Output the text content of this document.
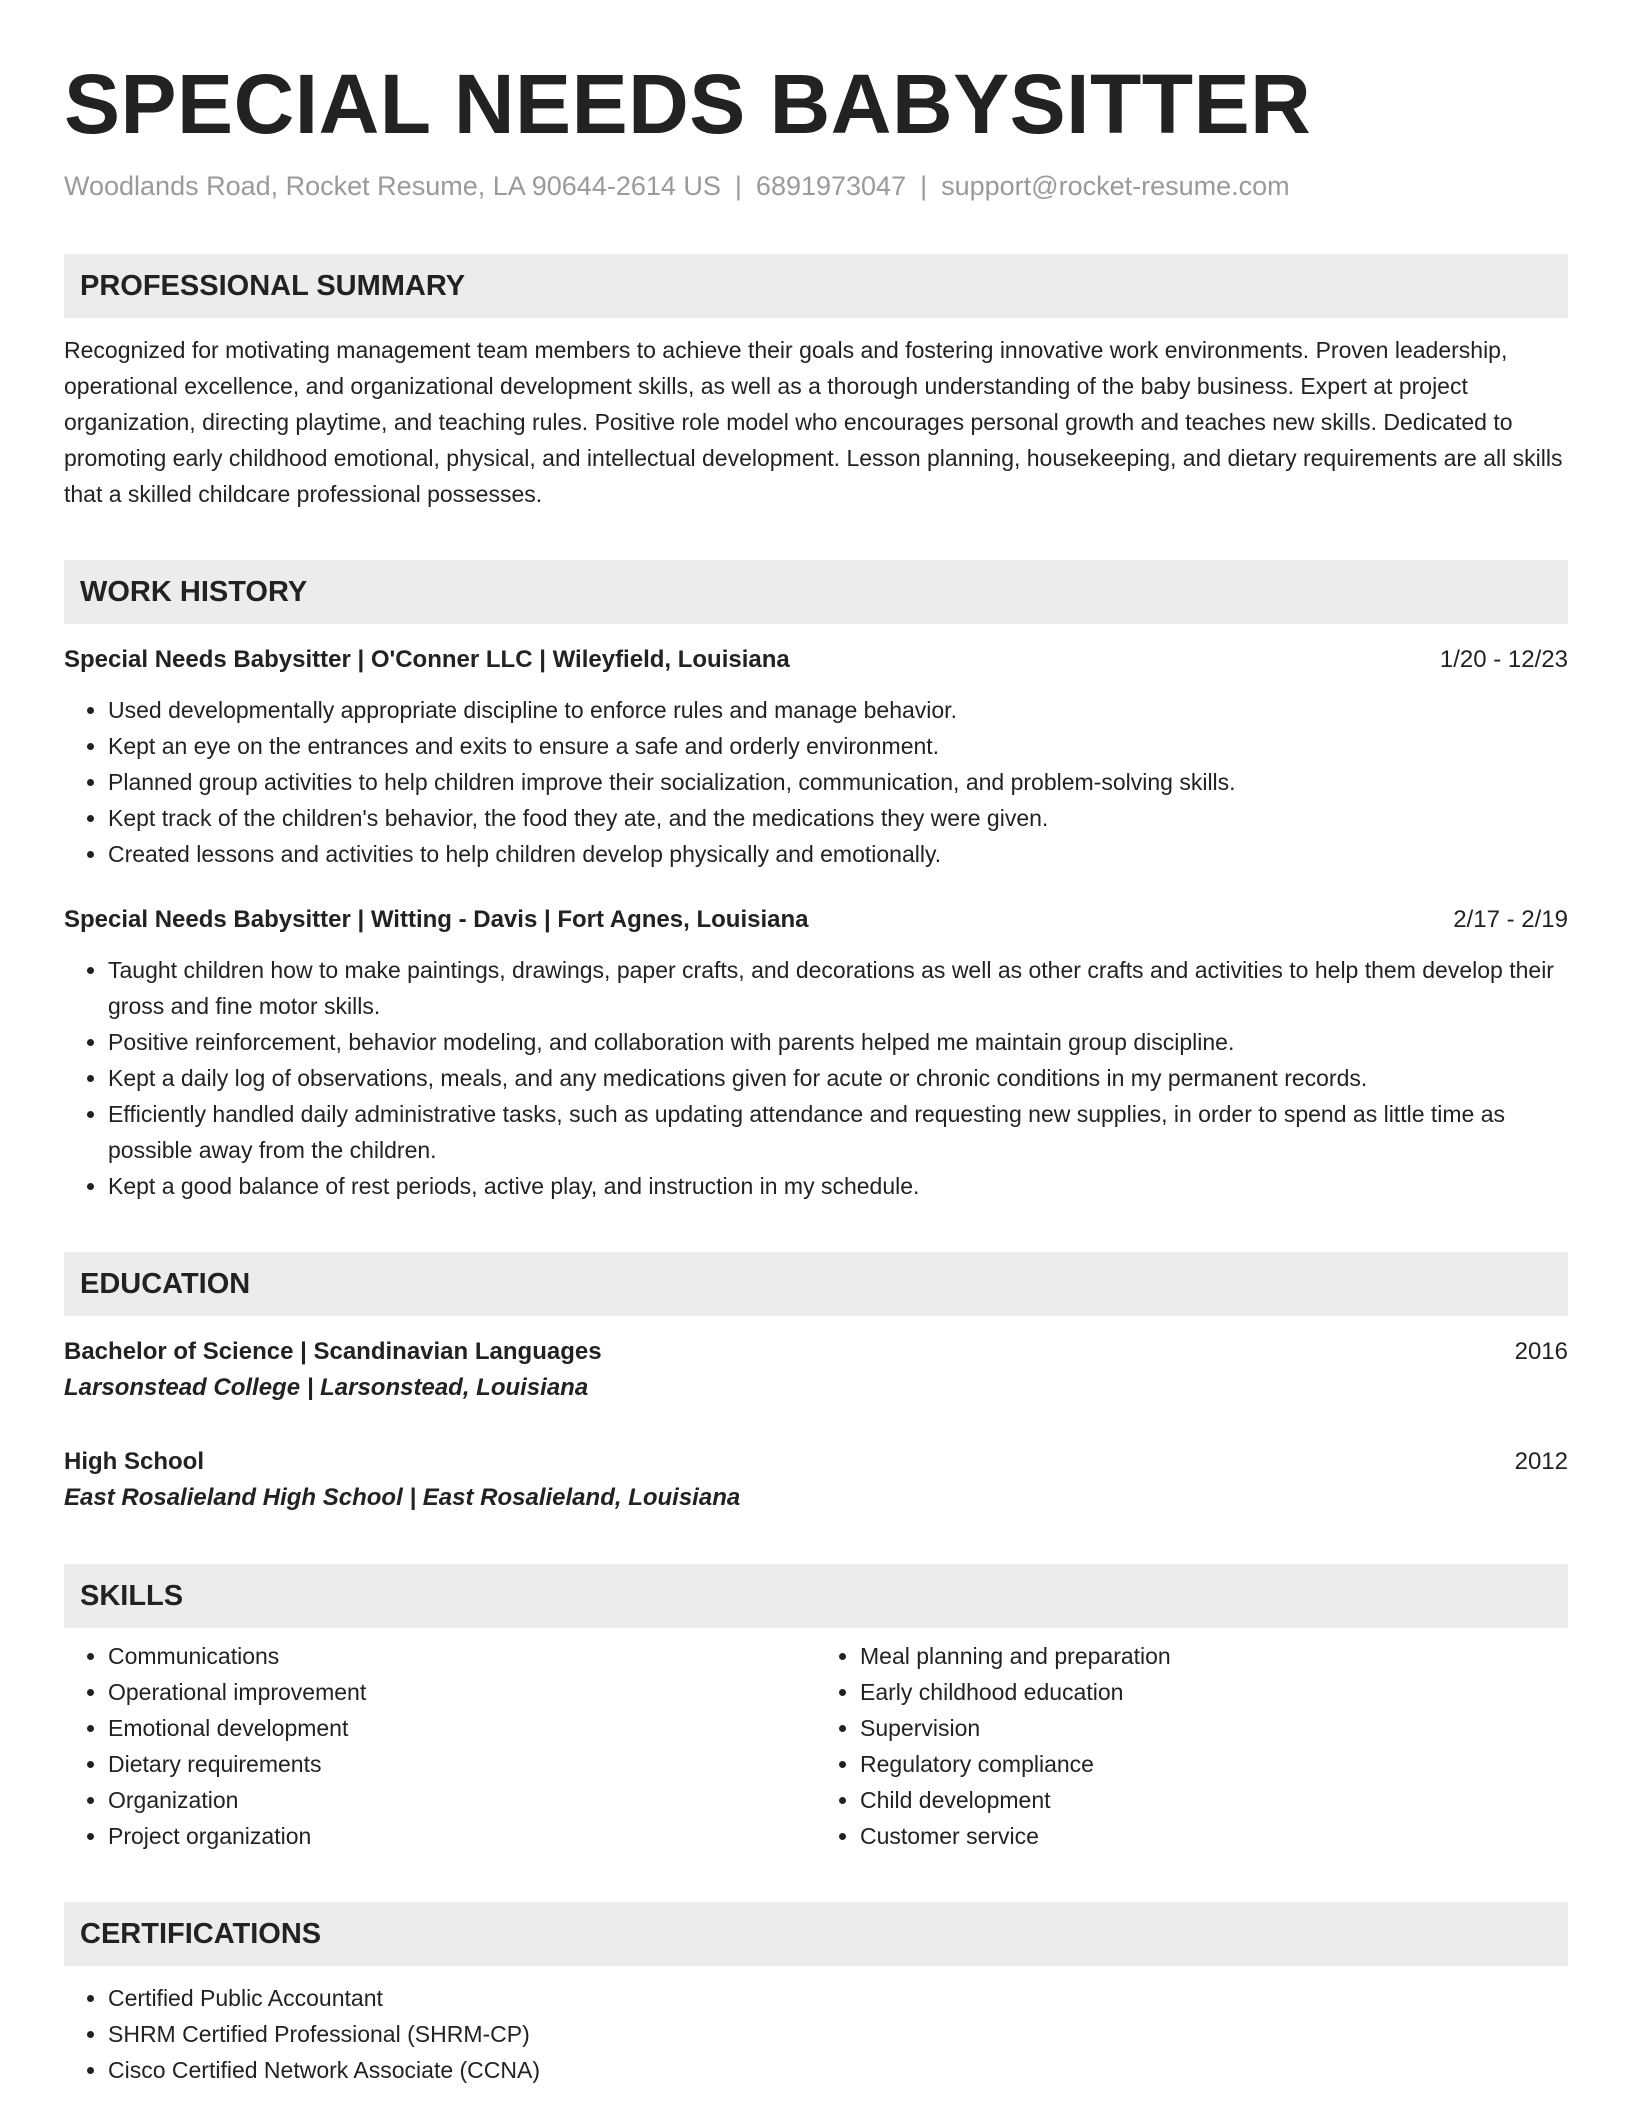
SPECIAL NEEDS BABYSITTER
Woodlands Road, Rocket Resume, LA 90644-2614 US | 6891973047 | support@rocket-resume.com
PROFESSIONAL SUMMARY
Recognized for motivating management team members to achieve their goals and fostering innovative work environments. Proven leadership, operational excellence, and organizational development skills, as well as a thorough understanding of the baby business. Expert at project organization, directing playtime, and teaching rules. Positive role model who encourages personal growth and teaches new skills. Dedicated to promoting early childhood emotional, physical, and intellectual development. Lesson planning, housekeeping, and dietary requirements are all skills that a skilled childcare professional possesses.
WORK HISTORY
Special Needs Babysitter | O'Conner LLC | Wileyfield, Louisiana	1/20 - 12/23
• Used developmentally appropriate discipline to enforce rules and manage behavior.
• Kept an eye on the entrances and exits to ensure a safe and orderly environment.
• Planned group activities to help children improve their socialization, communication, and problem-solving skills.
• Kept track of the children's behavior, the food they ate, and the medications they were given.
• Created lessons and activities to help children develop physically and emotionally.
Special Needs Babysitter | Witting - Davis | Fort Agnes, Louisiana	2/17 - 2/19
• Taught children how to make paintings, drawings, paper crafts, and decorations as well as other crafts and activities to help them develop their gross and fine motor skills.
• Positive reinforcement, behavior modeling, and collaboration with parents helped me maintain group discipline.
• Kept a daily log of observations, meals, and any medications given for acute or chronic conditions in my permanent records.
• Efficiently handled daily administrative tasks, such as updating attendance and requesting new supplies, in order to spend as little time as possible away from the children.
• Kept a good balance of rest periods, active play, and instruction in my schedule.
EDUCATION
Bachelor of Science | Scandinavian Languages	2016
Larsonstead College | Larsonstead, Louisiana
High School	2012
East Rosalieland High School | East Rosalieland, Louisiana
SKILLS
• Communications
• Operational improvement
• Emotional development
• Dietary requirements
• Organization
• Project organization
• Meal planning and preparation
• Early childhood education
• Supervision
• Regulatory compliance
• Child development
• Customer service
CERTIFICATIONS
• Certified Public Accountant
• SHRM Certified Professional (SHRM-CP)
• Cisco Certified Network Associate (CCNA)
